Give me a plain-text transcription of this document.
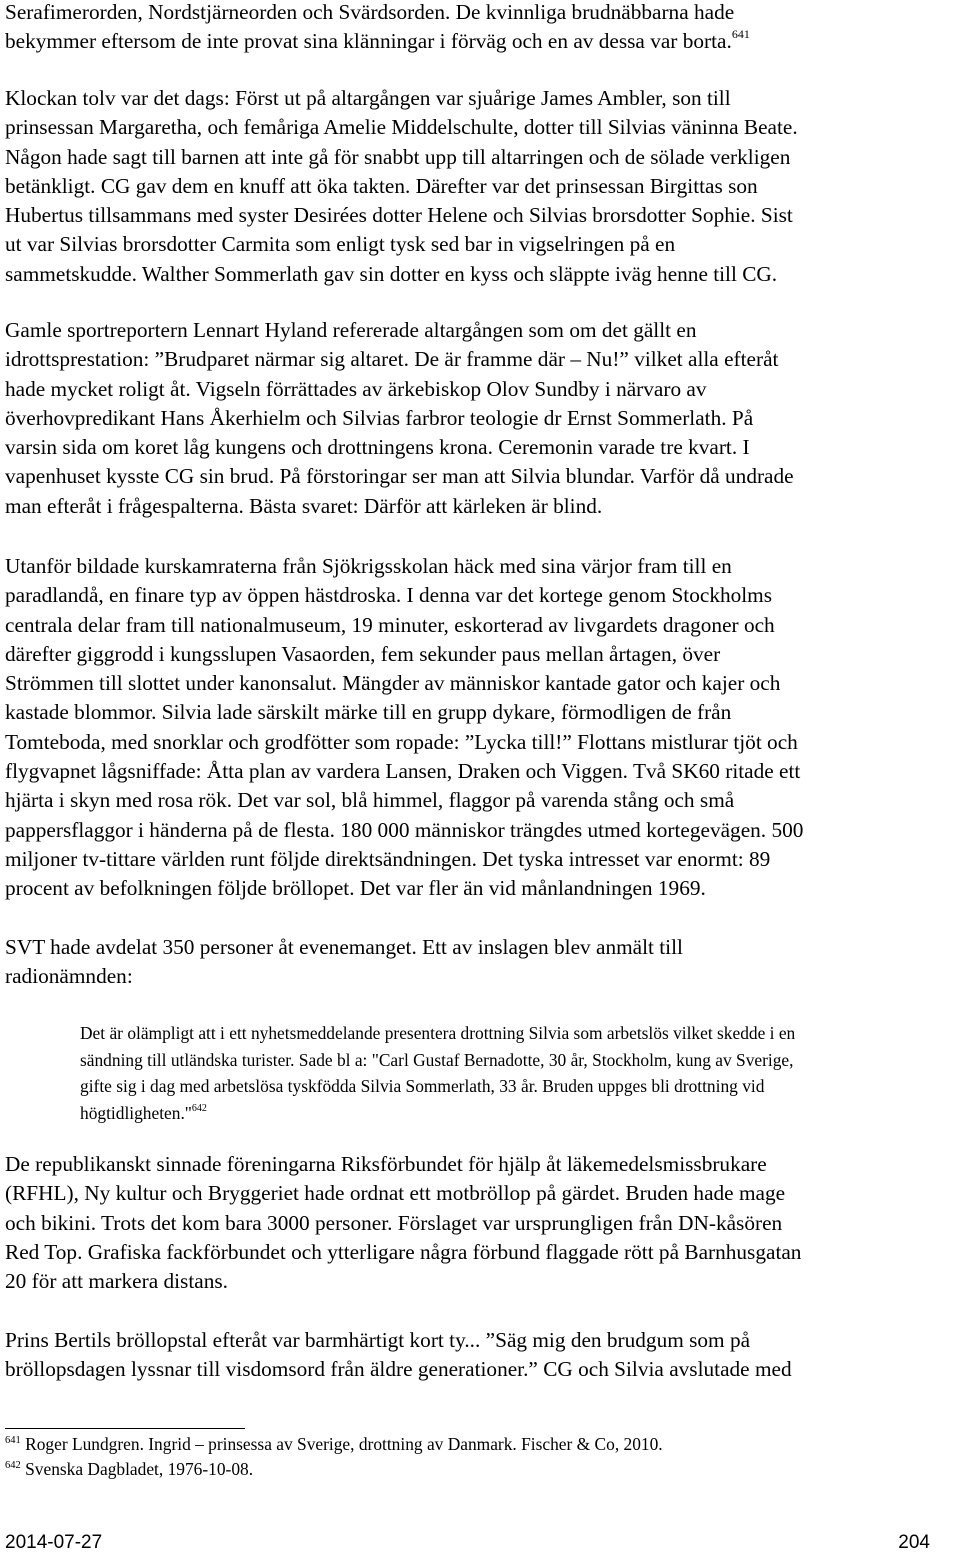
Serafimerorden, Nordstjärneorden och Svärdsorden. De kvinnliga brudnäbbarna hade
bekymmer eftersom de inte provat sina klänningar i förväg och en av dessa var borta.$^{641}$

Klockan tolv var det dags: Först ut på altargången var sjuårige James Ambler, son till
prinsessan Margaretha, och femåriga Amelie Middelschulte, dotter till Silvias väninna Beate.
Någon hade sagt till barnen att inte gå för snabbt upp till altarringen och de sölade verkligen
betänkligt. CG gav dem en knuff att öka takten. Därefter var det prinsessan Birgittas son
Hubertus tillsammans med syster Desirées dotter Helene och Silvias brorsdotter Sophie. Sist
ut var Silvias brorsdotter Carmita som enligt tysk sed bar in vigselringen på en
sammetskudde. Walther Sommerlath gav sin dotter en kyss och släppte iväg henne till CG.

Gamle sportreportern Lennart Hyland refererade altargången som om det gällt en
idrottsprestation: ”Brudparet närmar sig altaret. De är framme där – Nu!” vilket alla efteråt
hade mycket roligt åt. Vigseln förrättades av ärkebiskop Olov Sundby i närvaro av
överhovpredikant Hans Åkerhielm och Silvias farbror teologie dr Ernst Sommerlath. På
varsin sida om koret låg kungens och drottningens krona. Ceremonin varade tre kvart. I
vapenhuset kysste CG sin brud. På förstoringar ser man att Silvia blundar. Varför då undrade
man efteråt i frågespalterna. Bästa svaret: Därför att kärleken är blind.

Utanför bildade kurskamraterna från Sjökrigsskolan häck med sina värjor fram till en
paradlandå, en finare typ av öppen hästdroska. I denna var det kortege genom Stockholms
centrala delar fram till nationalmuseum, 19 minuter, eskorterad av livgardets dragoner och
därefter giggrodd i kungsslupen Vasaorden, fem sekunder paus mellan årtagen, över
Strömmen till slottet under kanonsalut. Mängder av människor kantade gator och kajer och
kastade blommor. Silvia lade särskilt märke till en grupp dykare, förmodligen de från
Tomteboda, med snorklar och grodfötter som ropade: ”Lycka till!” Flottans mistlurar tjöt och
flygvapnet lågsniffade: Åtta plan av vardera Lansen, Draken och Viggen. Två SK60 ritade ett
hjärta i skyn med rosa rök. Det var sol, blå himmel, flaggor på varenda stång och små
pappersflaggor i händerna på de flesta. 180 000 människor trängdes utmed kortegevägen. 500
miljoner tv-tittare världen runt följde direktsändningen. Det tyska intresset var enormt: 89
procent av befolkningen följde bröllopet. Det var fler än vid månlandningen 1969.

SVT hade avdelat 350 personer åt evenemanget. Ett av inslagen blev anmält till
radionämnden:

Det är olämpligt att i ett nyhetsmeddelande presentera drottning Silvia som arbetslös vilket skedde i en
sändning till utländska turister. Sade bl a: "Carl Gustaf Bernadotte, 30 år, Stockholm, kung av Sverige,
gifte sig i dag med arbetslösa tyskfödda Silvia Sommerlath, 33 år. Bruden uppges bli drottning vid
högtidligheten."$^{642}$

De republikanskt sinnade föreningarna Riksförbundet för hjälp åt läkemedelsmissbrukare
(RFHL), Ny kultur och Bryggeriet hade ordnat ett motbröllop på gärdet. Bruden hade mage
och bikini. Trots det kom bara 3000 personer. Förslaget var ursprungligen från DN-kåsören
Red Top. Grafiska fackförbundet och ytterligare några förbund flaggade rött på Barnhusgatan
20 för att markera distans.

Prins Bertils bröllopstal efteråt var barmhärtigt kort ty... ”Säg mig den brudgum som på
bröllopsdagen lyssnar till visdomsord från äldre generationer.” CG och Silvia avslutade med

$^{641}$ Roger Lundgren. Ingrid – prinsessa av Sverige, drottning av Danmark. Fischer & Co, 2010.
$^{642}$ Svenska Dagbladet, 1976-10-08.
2014-07-27	204
